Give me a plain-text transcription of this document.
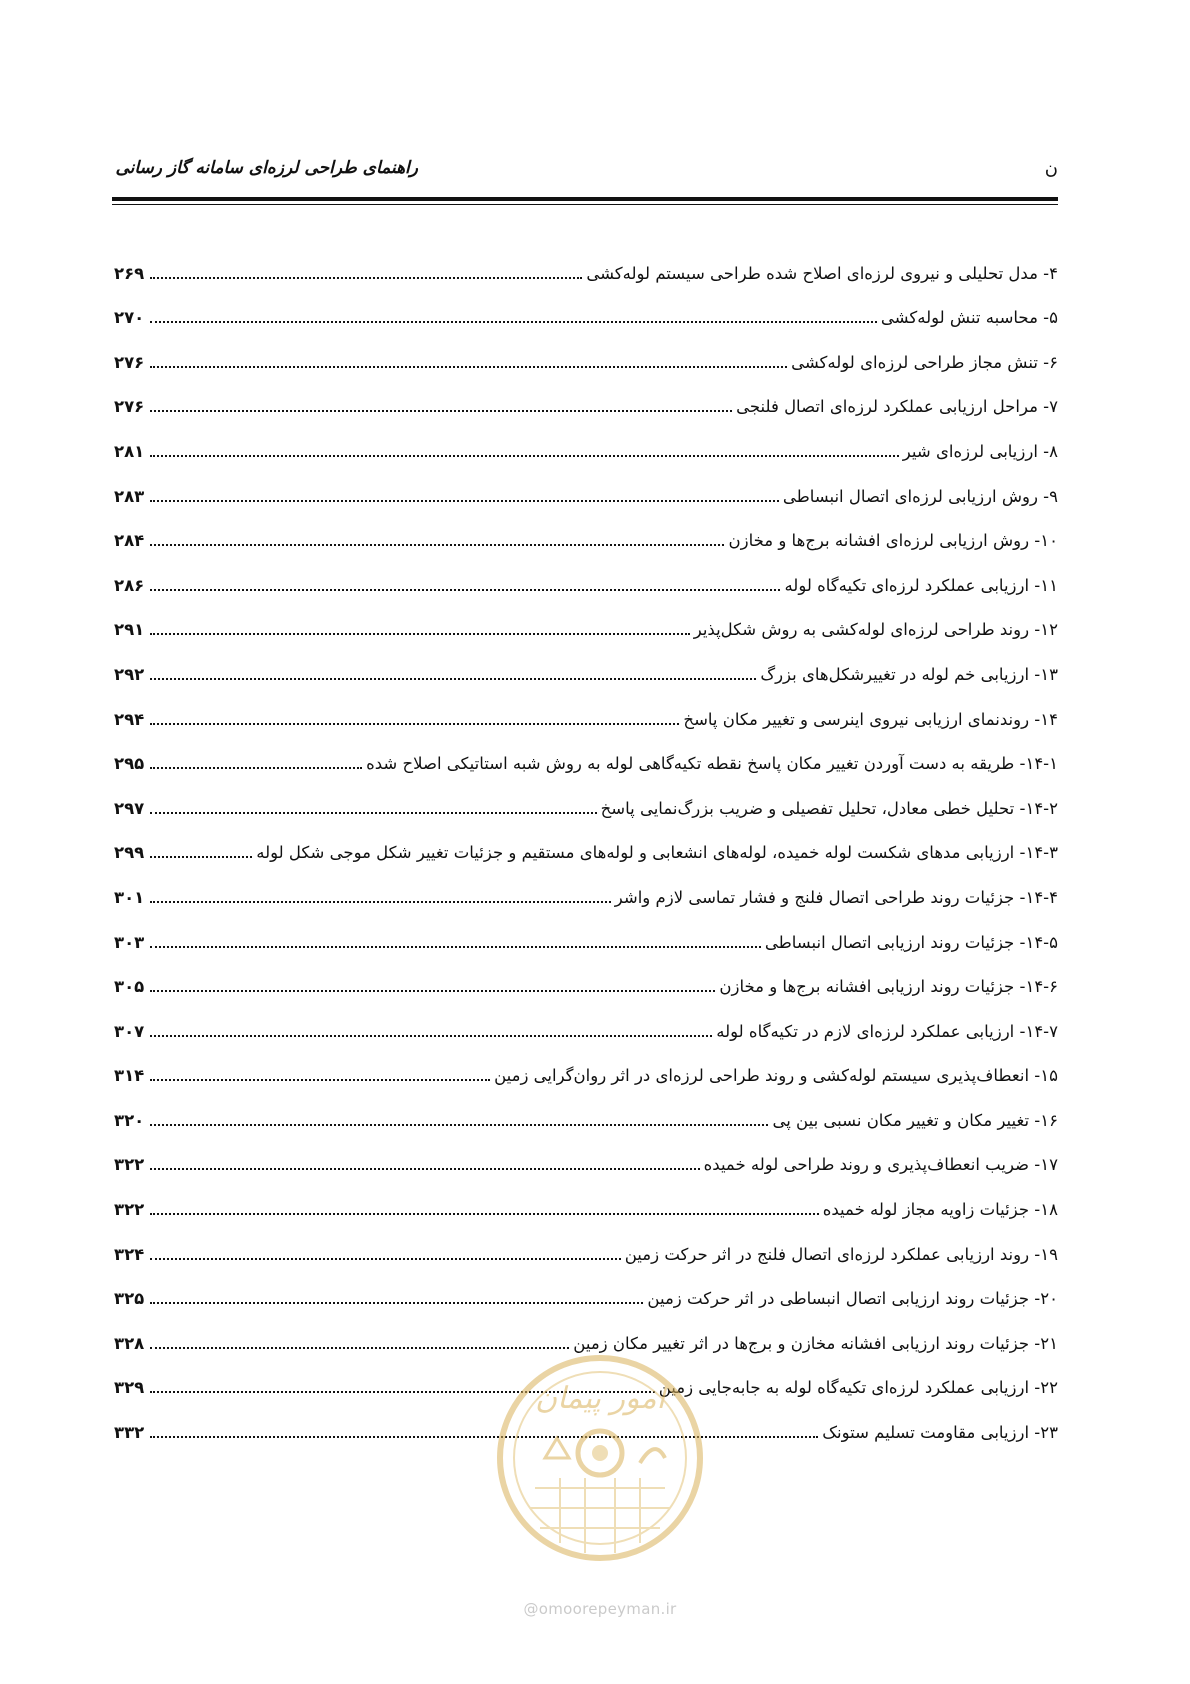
راهنمای طراحی لرزه‌ای سامانه گاز رسانی	ن
۴- مدل تحلیلی و نیروی لرزه‌ای اصلاح شده طراحی سیستم لوله‌کشی
۲۶۹
۵- محاسبه تنش لوله‌کشی
۲۷۰
۶- تنش مجاز طراحی لرزه‌ای لوله‌کشی
۲۷۶
۷- مراحل ارزیابی عملکرد لرزه‌ای اتصال فلنجی
۲۷۶
۸- ارزیابی لرزه‌ای شیر
۲۸۱
۹- روش ارزیابی لرزه‌ای اتصال انبساطی
۲۸۳
۱۰- روش ارزیابی لرزه‌ای افشانه برج‌ها و مخازن
۲۸۴
۱۱- ارزیابی عملکرد لرزه‌ای تکیه‌گاه لوله
۲۸۶
۱۲- روند طراحی لرزه‌ای لوله‌کشی به روش شکل‌پذیر
۲۹۱
۱۳- ارزیابی خم لوله در تغییرشکل‌های بزرگ
۲۹۲
۱۴- روندنمای ارزیابی نیروی اینرسی و تغییر مکان پاسخ
۲۹۴
۱۴-۱- طریقه به دست آوردن تغییر مکان پاسخ نقطه تکیه‌گاهی لوله به روش شبه استاتیکی اصلاح شده
۲۹۵
۱۴-۲- تحلیل خطی معادل، تحلیل تفصیلی و ضریب بزرگ‌نمایی پاسخ
۲۹۷
۱۴-۳- ارزیابی مدهای شکست لوله خمیده، لوله‌های انشعابی و لوله‌های مستقیم و جزئیات تغییر شکل موجی شکل لوله
۲۹۹
۱۴-۴- جزئیات روند طراحی اتصال فلنج و فشار تماسی لازم واشر
۳۰۱
۱۴-۵- جزئیات روند ارزیابی اتصال انبساطی
۳۰۳
۱۴-۶- جزئیات روند ارزیابی افشانه برج‌ها و مخازن
۳۰۵
۱۴-۷- ارزیابی عملکرد لرزه‌ای لازم در تکیه‌گاه لوله
۳۰۷
۱۵- انعطاف‌پذیری سیستم لوله‌کشی و روند طراحی لرزه‌ای در اثر روان‌گرایی زمین
۳۱۴
۱۶- تغییر مکان و تغییر مکان نسبی بین پی
۳۲۰
۱۷- ضریب انعطاف‌پذیری و روند طراحی لوله خمیده
۳۲۲
۱۸- جزئیات زاویه مجاز لوله خمیده
۳۲۲
۱۹- روند ارزیابی عملکرد لرزه‌ای اتصال فلنج در اثر حرکت زمین
۳۲۴
۲۰- جزئیات روند ارزیابی اتصال انبساطی در اثر حرکت زمین
۳۲۵
۲۱- جزئیات روند ارزیابی افشانه مخازن و برج‌ها در اثر تغییر مکان زمین
۳۲۸
۲۲- ارزیابی عملکرد لرزه‌ای تکیه‌گاه لوله به جابه‌جایی زمین
۳۲۹
۲۳- ارزیابی مقاومت تسلیم ستونک
۳۳۲
امور پیمان
@omoorepeyman.ir
